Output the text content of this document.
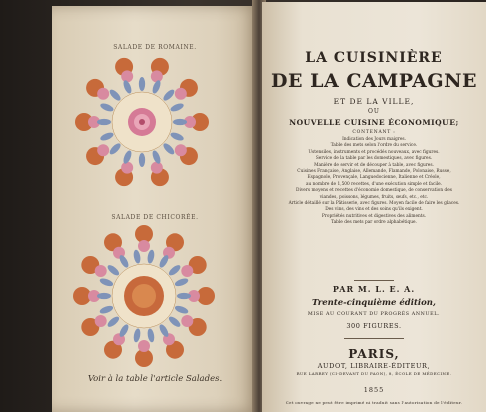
SALADE DE ROMAINE.
SALADE DE CHICORÉE.
Voir à la table l'article Salades.
LA CUISINIÈRE
DE LA CAMPAGNE
ET DE LA VILLE,
OU
NOUVELLE CUISINE ÉCONOMIQUE;
CONTENANT :
Indication des Jours maigres.
Table des mets selon l'ordre du service.
Ustensiles, instruments et procédés nouveaux, avec figures.
Service de la table par les domestiques, avec figures.
Manière de servir et de découper à table, avec figures.
Cuisines Française, Anglaise, Allemande, Flamande, Polonaise, Russe,
Espagnole, Provençale, Languedocienne, Italienne et Créole,
au nombre de 1,500 recettes, d'une exécution simple et facile.
Divers moyens et recettes d'économie domestique, de conservation des
viandes, poissons, légumes, fruits, œufs, etc., etc.
Article détaillé sur la Pâtisserie, avec figures. Moyen facile de faire les glaces.
Des vins, des vins et des soins qu'ils exigent.
Propriétés nutritives et digestives des aliments.
Table des mets par ordre alphabétique.
PAR M. L. E. A.
Trente-cinquième édition,
MISE AU COURANT DU PROGRÈS ANNUEL.
300 FIGURES.
PARIS,
AUDOT, LIBRAIRE-ÉDITEUR,
RUE LARREY (CI-DEVANT DU PAON), 8, ÉCOLE DE MÉDECINE.
1855
Cet ouvrage ne peut être imprimé ni traduit sans l'autorisation de l'éditeur.
